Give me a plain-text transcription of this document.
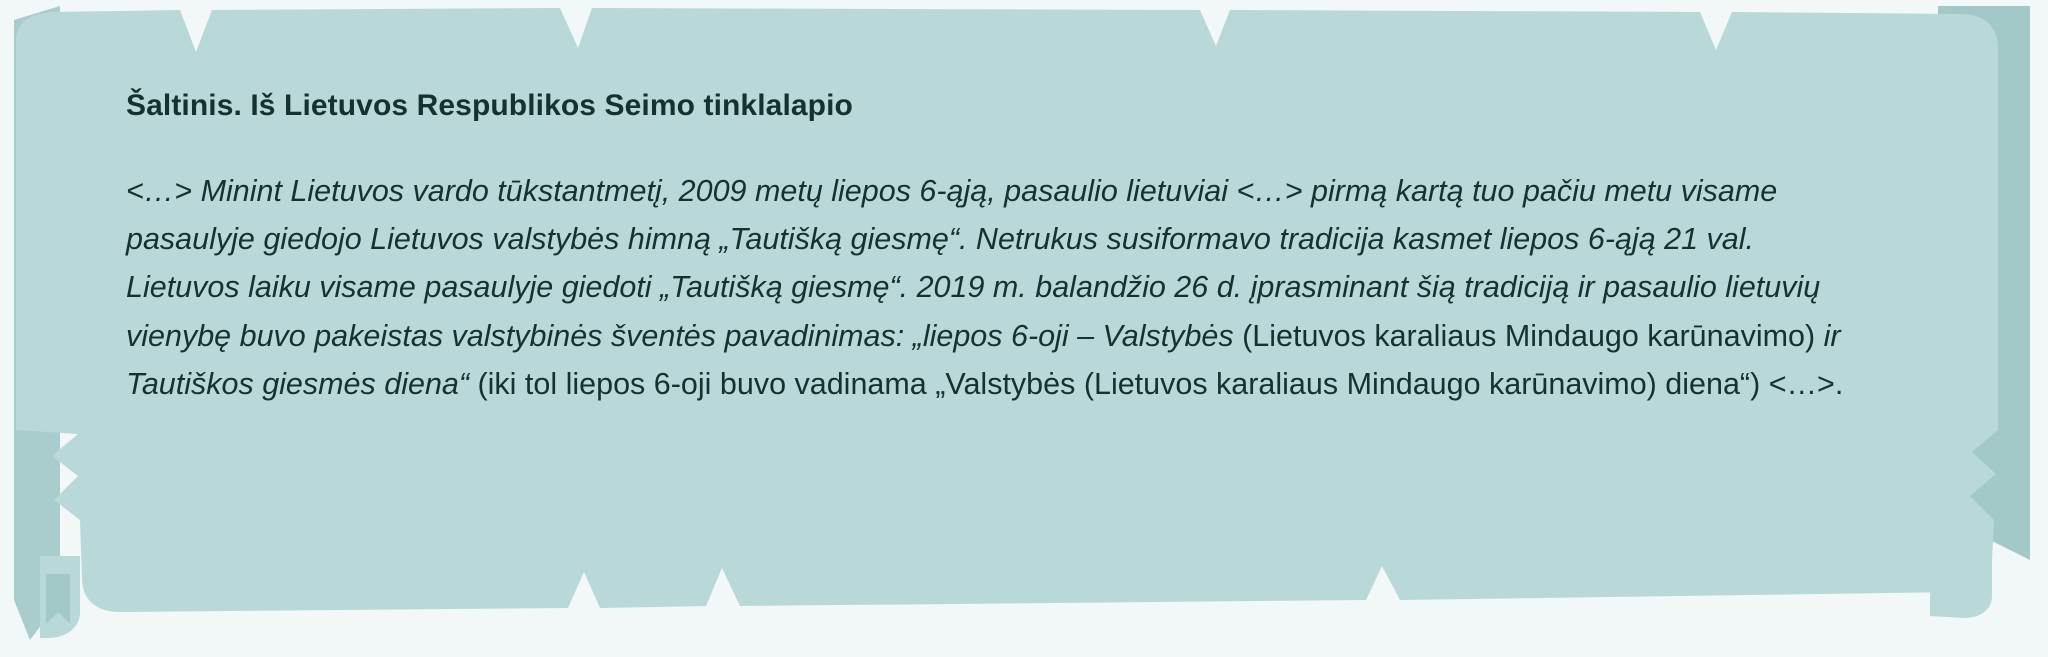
Šaltinis. Iš Lietuvos Respublikos Seimo tinklalapio

<…> Minint Lietuvos vardo tūkstantmetį, 2009 metų liepos 6-ąją, pasaulio lietuviai <…> pirmą kartą tuo pačiu metu visame pasaulyje giedojo Lietuvos valstybės himną „Tautišką giesmę“. Netrukus susiformavo tradicija kasmet liepos 6-ąją 21 val. Lietuvos laiku visame pasaulyje giedoti „Tautišką giesmę“. 2019 m. balandžio 26 d. įprasminant šią tradiciją ir pasaulio lietuvių vienybę buvo pakeistas valstybinės šventės pavadinimas: „liepos 6-oji – Valstybės (Lietuvos karaliaus Mindaugo karūnavimo) ir Tautiškos giesmės diena“ (iki tol liepos 6-oji buvo vadinama „Valstybės (Lietuvos karaliaus Mindaugo karūnavimo) diena“) <…>.
